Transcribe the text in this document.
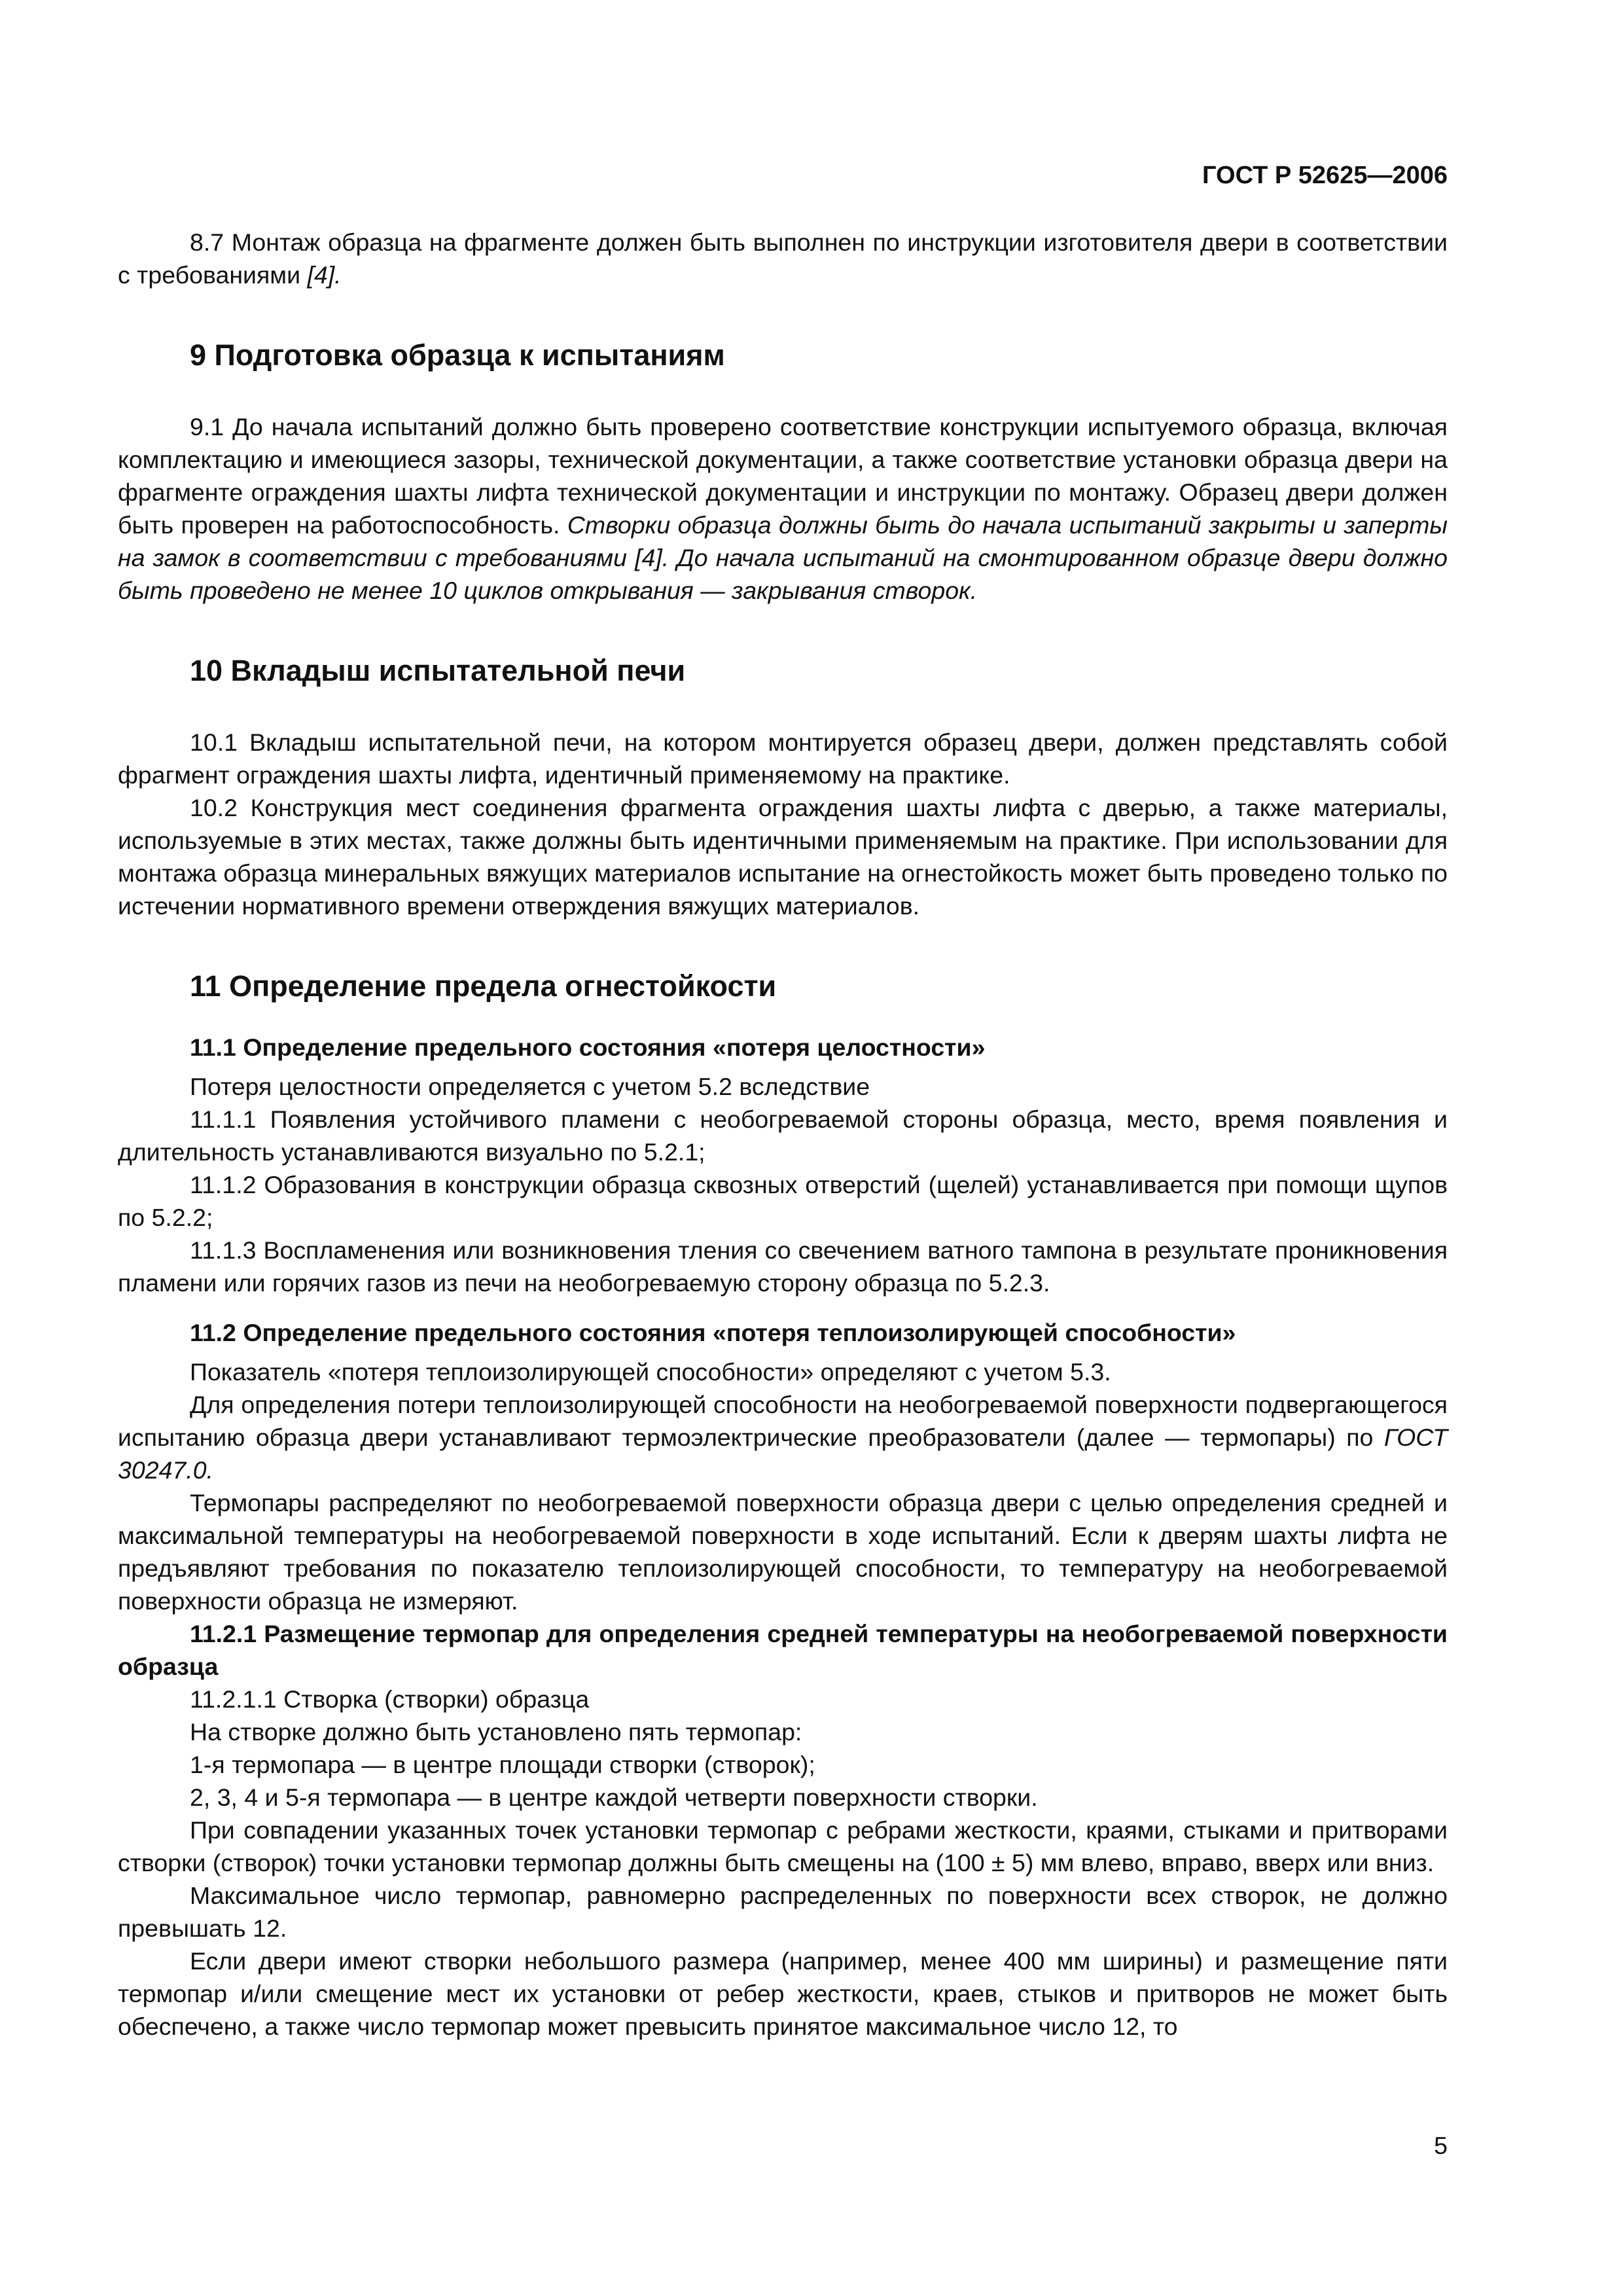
ГОСТ Р 52625—2006

8.7 Монтаж образца на фрагменте должен быть выполнен по инструкции изготовителя двери в соответствии с требованиями [4].

9 Подготовка образца к испытаниям

9.1 До начала испытаний должно быть проверено соответствие конструкции испытуемого образца, включая комплектацию и имеющиеся зазоры, технической документации, а также соответствие установки образца двери на фрагменте ограждения шахты лифта технической документации и инструкции по монтажу. Образец двери должен быть проверен на работоспособность. Створки образца должны быть до начала испытаний закрыты и заперты на замок в соответствии с требованиями [4]. До начала испытаний на смонтированном образце двери должно быть проведено не менее 10 циклов открывания — закрывания створок.

10 Вкладыш испытательной печи

10.1 Вкладыш испытательной печи, на котором монтируется образец двери, должен представлять собой фрагмент ограждения шахты лифта, идентичный применяемому на практике.

10.2 Конструкция мест соединения фрагмента ограждения шахты лифта с дверью, а также материалы, используемые в этих местах, также должны быть идентичными применяемым на практике. При использовании для монтажа образца минеральных вяжущих материалов испытание на огнестойкость может быть проведено только по истечении нормативного времени отверждения вяжущих материалов.

11 Определение предела огнестойкости
11.1 Определение предельного состояния «потеря целостности»

Потеря целостности определяется с учетом 5.2 вследствие

11.1.1 Появления устойчивого пламени с необогреваемой стороны образца, место, время появления и длительность устанавливаются визуально по 5.2.1;

11.1.2 Образования в конструкции образца сквозных отверстий (щелей) устанавливается при помощи щупов по 5.2.2;

11.1.3 Воспламенения или возникновения тления со свечением ватного тампона в результате проникновения пламени или горячих газов из печи на необогреваемую сторону образца по 5.2.3.

11.2 Определение предельного состояния «потеря теплоизолирующей способности»

Показатель «потеря теплоизолирующей способности» определяют с учетом 5.3.

Для определения потери теплоизолирующей способности на необогреваемой поверхности подвергающегося испытанию образца двери устанавливают термоэлектрические преобразователи (далее — термопары) по ГОСТ 30247.0.

Термопары распределяют по необогреваемой поверхности образца двери с целью определения средней и максимальной температуры на необогреваемой поверхности в ходе испытаний. Если к дверям шахты лифта не предъявляют требования по показателю теплоизолирующей способности, то температуру на необогреваемой поверхности образца не измеряют.

11.2.1 Размещение термопар для определения средней температуры на необогреваемой поверхности образца

11.2.1.1 Створка (створки) образца

На створке должно быть установлено пять термопар:

1-я термопара — в центре площади створки (створок);

2, 3, 4 и 5-я термопара — в центре каждой четверти поверхности створки.

При совпадении указанных точек установки термопар с ребрами жесткости, краями, стыками и притворами створки (створок) точки установки термопар должны быть смещены на (100 ± 5) мм влево, вправо, вверх или вниз.

Максимальное число термопар, равномерно распределенных по поверхности всех створок, не должно превышать 12.

Если двери имеют створки небольшого размера (например, менее 400 мм ширины) и размещение пяти термопар и/или смещение мест их установки от ребер жесткости, краев, стыков и притворов не может быть обеспечено, а также число термопар может превысить принятое максимальное число 12, то

5
